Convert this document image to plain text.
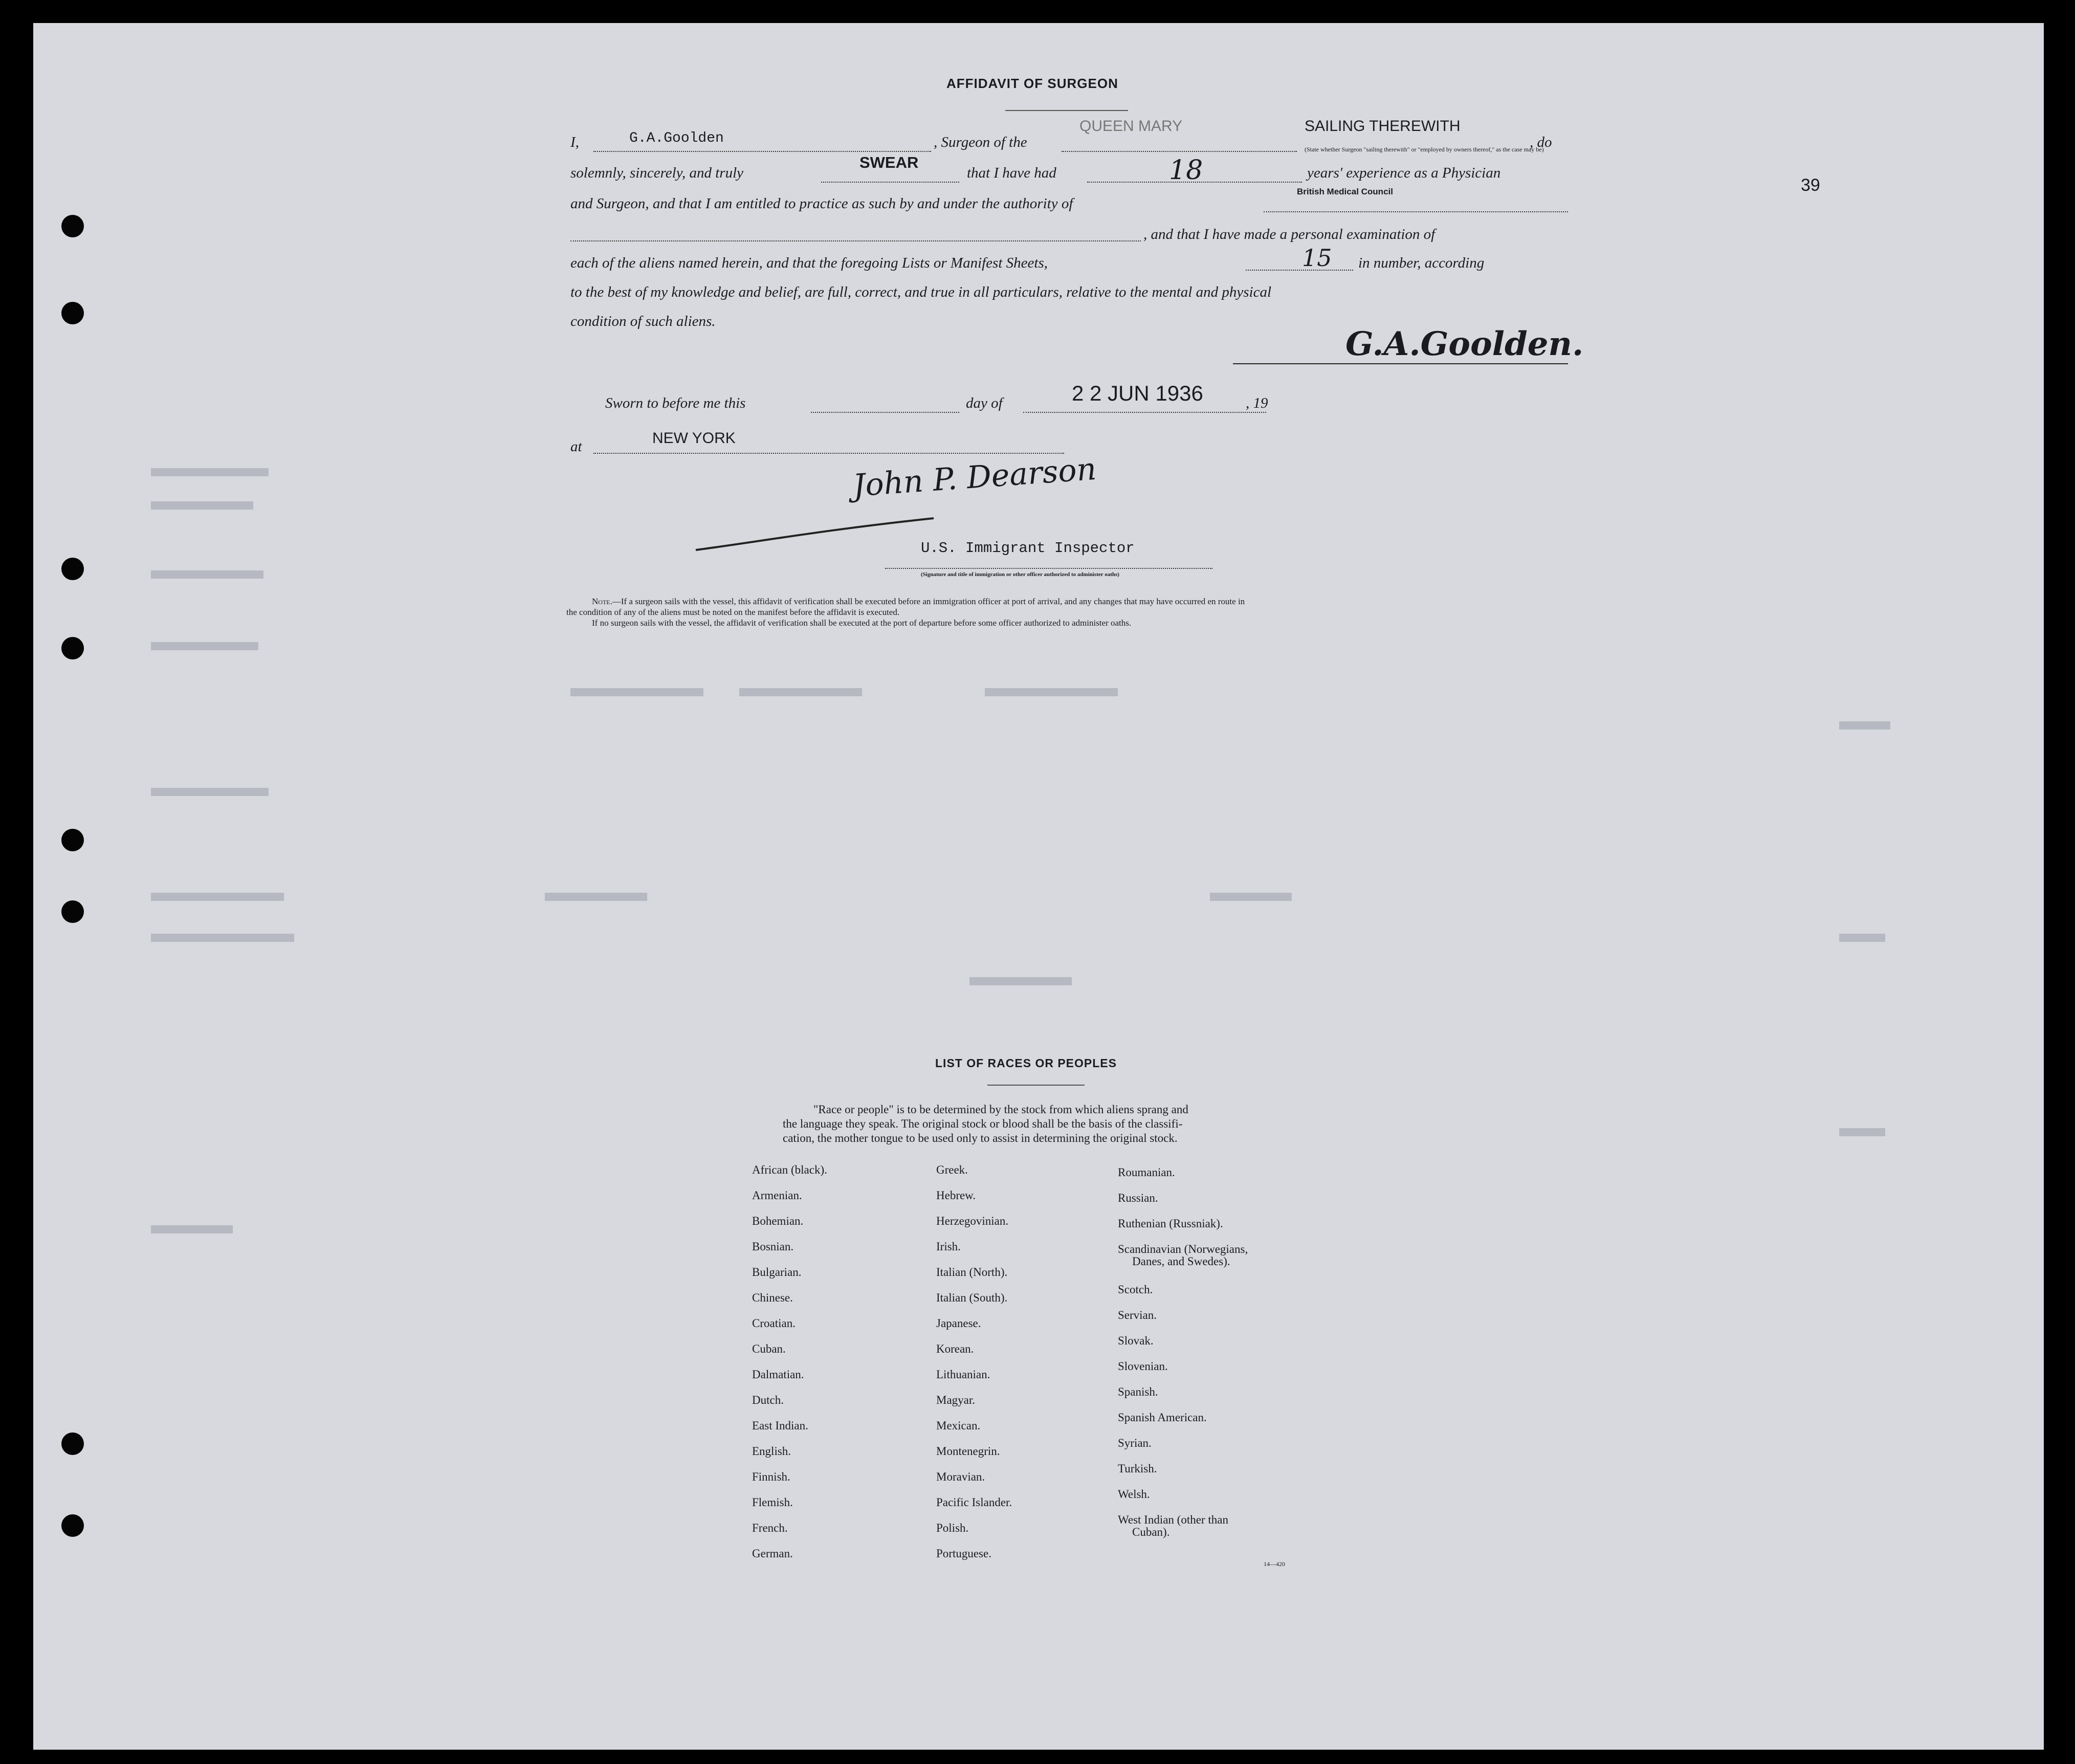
39
AFFIDAVIT OF SURGEON
I,	G.A.Goolden	, Surgeon of the
QUEEN MARY	SAILING THEREWITH
(State whether Surgeon "sailing therewith" or "employed by owners thereof," as the case may be)
, do
solemnly, sincerely, and truly
SWEAR
that I have had	18	years' experience as a Physician
and Surgeon, and that I am entitled to practice as such by and under the authority of
British Medical Council
, and that I have made a personal examination of
each of the aliens named herein, and that the foregoing Lists or Manifest Sheets,	15 in number, according
to the best of my knowledge and belief, are full, correct, and true in all particulars, relative to the mental and physical
condition of such aliens.
G.A.Goolden.
Sworn to before me this	day of	2 2 JUN 1936	, 19
at	NEW YORK
John P. Dearson
U.S. Immigrant Inspector
(Signature and title of immigration or other officer authorized to administer oaths)
Note.—If a surgeon sails with the vessel, this affidavit of verification shall be executed before an immigration officer at port of arrival, and any changes that may have occurred en route in
the condition of any of the aliens must be noted on the manifest before the affidavit is executed.
If no surgeon sails with the vessel, the affidavit of verification shall be executed at the port of departure before some officer authorized to administer oaths.
LIST OF RACES OR PEOPLES
"Race or people" is to be determined by the stock from which aliens sprang and
the language they speak. The original stock or blood shall be the basis of the classifi-
cation, the mother tongue to be used only to assist in determining the original stock.
African (black).
Armenian.
Bohemian.
Bosnian.
Bulgarian.
Chinese.
Croatian.
Cuban.
Dalmatian.
Dutch.
East Indian.
English.
Finnish.
Flemish.
French.
German.
Greek.
Hebrew.
Herzegovinian.
Irish.
Italian (North).
Italian (South).
Japanese.
Korean.
Lithuanian.
Magyar.
Mexican.
Montenegrin.
Moravian.
Pacific Islander.
Polish.
Portuguese.
Roumanian.
Russian.
Ruthenian (Russniak).
Scandinavian (Norwegians,
Danes, and Swedes).
Scotch.
Servian.
Slovak.
Slovenian.
Spanish.
Spanish American.
Syrian.
Turkish.
Welsh.
West Indian (other than
Cuban).
14—420
